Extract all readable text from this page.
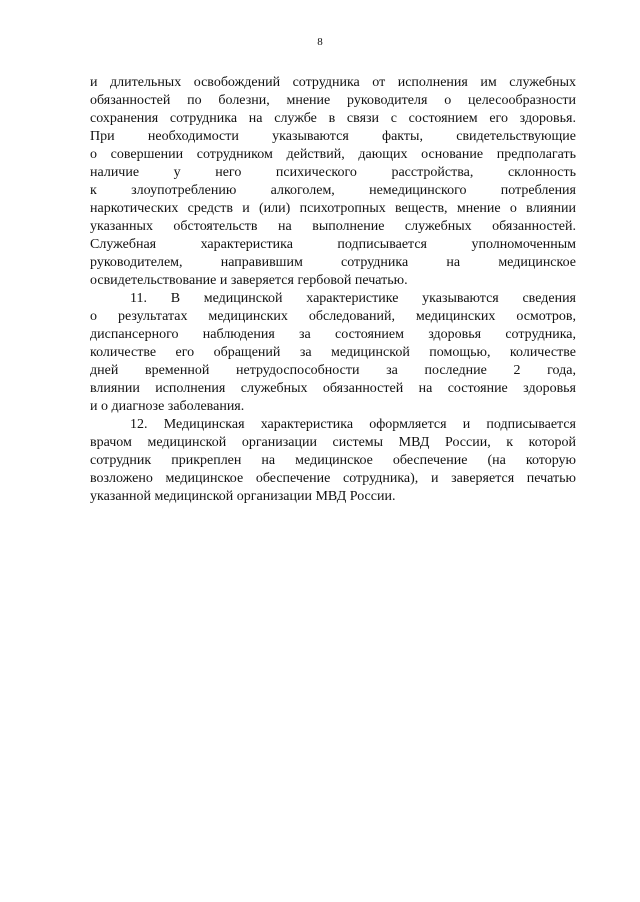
8
и длительных освобождений сотрудника от исполнения им служебных
обязанностей по болезни, мнение руководителя о целесообразности
сохранения сотрудника на службе в связи с состоянием его здоровья.
При необходимости указываются факты, свидетельствующие
о совершении сотрудником действий, дающих основание предполагать
наличие у него психического расстройства, склонность
к злоупотреблению алкоголем, немедицинского потребления
наркотических средств и (или) психотропных веществ, мнение о влиянии
указанных обстоятельств на выполнение служебных обязанностей.
Служебная характеристика подписывается уполномоченным
руководителем, направившим сотрудника на медицинское
освидетельствование и заверяется гербовой печатью.
11. В медицинской характеристике указываются сведения
о результатах медицинских обследований, медицинских осмотров,
диспансерного наблюдения за состоянием здоровья сотрудника,
количестве его обращений за медицинской помощью, количестве
дней временной нетрудоспособности за последние 2 года,
влиянии исполнения служебных обязанностей на состояние здоровья
и о диагнозе заболевания.
12. Медицинская характеристика оформляется и подписывается
врачом медицинской организации системы МВД России, к которой
сотрудник прикреплен на медицинское обеспечение (на которую
возложено медицинское обеспечение сотрудника), и заверяется печатью
указанной медицинской организации МВД России.
